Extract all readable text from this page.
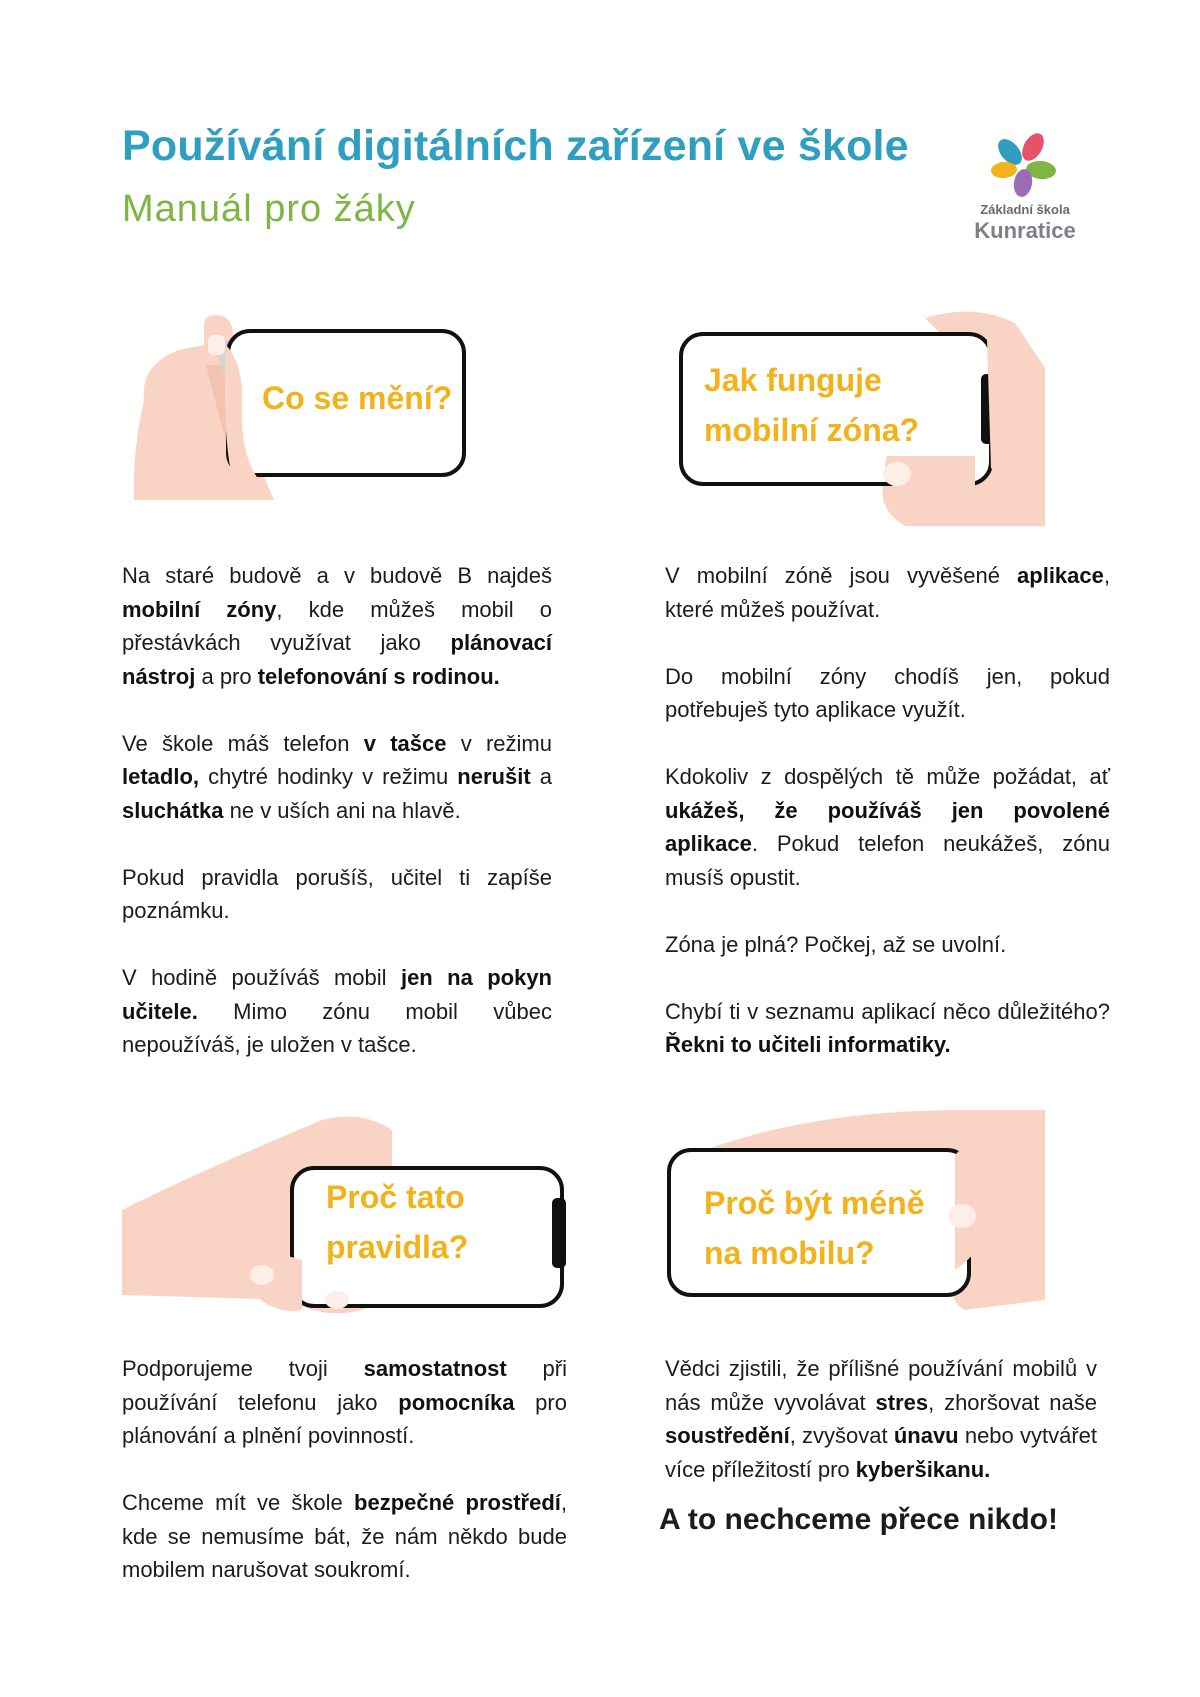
Používání digitálních zařízení ve škole
Manuál pro žáky	Základní škola
Kunratice
Co se mění?	Jak funguje
mobilní zóna?
Proč tato
pravidla?
Proč být méně
na mobilu?

Na staré budově a v budově B najdeš mobilní zóny, kde můžeš mobil o přestávkách využívat jako plánovací nástroj a pro telefonování s rodinou.

Ve škole máš telefon v tašce v režimu letadlo, chytré hodinky v režimu nerušit a sluchátka ne v uších ani na hlavě.

Pokud pravidla porušíš, učitel ti zapíše poznámku.

V hodině používáš mobil jen na pokyn učitele. Mimo zónu mobil vůbec nepoužíváš, je uložen v tašce.

V mobilní zóně jsou vyvěšené aplikace, které můžeš používat.

Do mobilní zóny chodíš jen, pokud potřebuješ tyto aplikace využít.

Kdokoliv z dospělých tě může požádat, ať ukážeš, že používáš jen povolené aplikace. Pokud telefon neukážeš, zónu musíš opustit.

Zóna je plná? Počkej, až se uvolní.

Chybí ti v seznamu aplikací něco důležitého? Řekni to učiteli informatiky.

Podporujeme tvoji samostatnost při používání telefonu jako pomocníka pro plánování a plnění povinností.

Chceme mít ve škole bezpečné prostředí, kde se nemusíme bát, že nám někdo bude mobilem narušovat soukromí.

Vědci zjistili, že přílišné používání mobilů v nás může vyvolávat stres, zhoršovat naše soustředění, zvyšovat únavu nebo vytvářet více příležitostí pro kyberšikanu.

A to nechceme přece nikdo!
